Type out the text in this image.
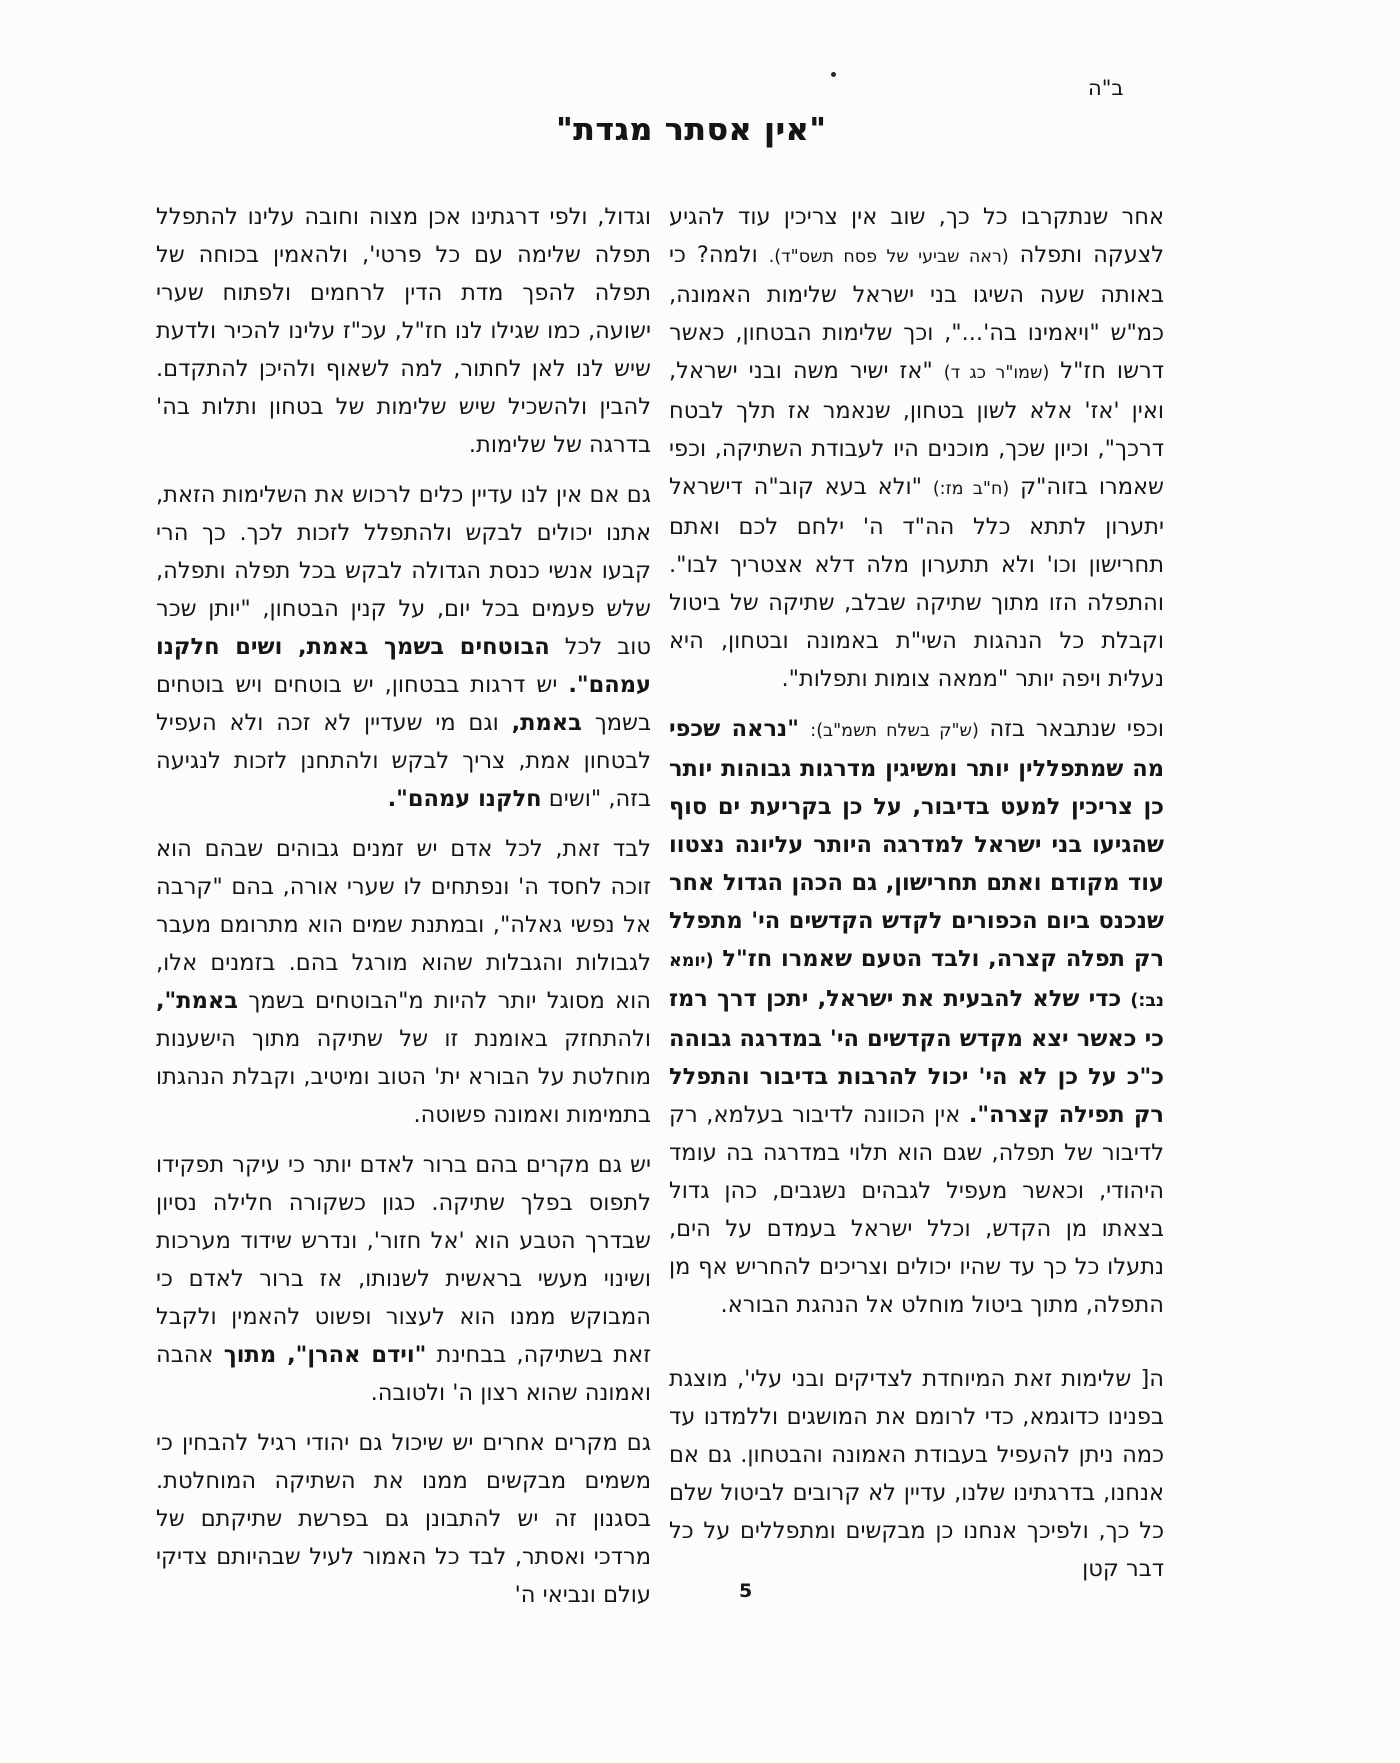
ב"ה
"אין אסתר מגדת"

אחר שנתקרבו כל כך, שוב אין צריכין עוד להגיע לצעקה ותפלה (ראה שביעי של פסח תשס"ד). ולמה? כי באותה שעה השיגו בני ישראל שלימות האמונה, כמ"ש "ויאמינו בה'...", וכך שלימות הבטחון, כאשר דרשו חז"ל (שמו"ר כג ד) "אז ישיר משה ובני ישראל, ואין 'אז' אלא לשון בטחון, שנאמר אז תלך לבטח דרכך", וכיון שכך, מוכנים היו לעבודת השתיקה, וכפי שאמרו בזוה"ק (ח"ב מז:) "ולא בעא קוב"ה דישראל יתערון לתתא כלל הה"ד ה' ילחם לכם ואתם תחרישון וכו' ולא תתערון מלה דלא אצטריך לבו". והתפלה הזו מתוך שתיקה שבלב, שתיקה של ביטול וקבלת כל הנהגות השי"ת באמונה ובטחון, היא נעלית ויפה יותר "ממאה צומות ותפלות".

וכפי שנתבאר בזה (ש"ק בשלח תשמ"ב): "נראה שכפי מה שמתפללין יותר ומשיגין מדרגות גבוהות יותר כן צריכין למעט בדיבור, על כן בקריעת ים סוף שהגיעו בני ישראל למדרגה היותר עליונה נצטוו עוד מקודם ואתם תחרישון, גם הכהן הגדול אחר שנכנס ביום הכפורים לקדש הקדשים הי' מתפלל רק תפלה קצרה, ולבד הטעם שאמרו חז"ל (יומא נב:) כדי שלא להבעית את ישראל, יתכן דרך רמז כי כאשר יצא מקדש הקדשים הי' במדרגה גבוהה כ"כ על כן לא הי' יכול להרבות בדיבור והתפלל רק תפילה קצרה". אין הכוונה לדיבור בעלמא, רק לדיבור של תפלה, שגם הוא תלוי במדרגה בה עומד היהודי, וכאשר מעפיל לגבהים נשגבים, כהן גדול בצאתו מן הקדש, וכלל ישראל בעמדם על הים, נתעלו כל כך עד שהיו יכולים וצריכים להחריש אף מן התפלה, מתוך ביטול מוחלט אל הנהגת הבורא.

ה[ שלימות זאת המיוחדת לצדיקים ובני עלי', מוצגת בפנינו כדוגמא, כדי לרומם את המושגים וללמדנו עד כמה ניתן להעפיל בעבודת האמונה והבטחון. גם אם אנחנו, בדרגתינו שלנו, עדיין לא קרובים לביטול שלם כל כך, ולפיכך אנחנו כן מבקשים ומתפללים על כל דבר קטן

וגדול, ולפי דרגתינו אכן מצוה וחובה עלינו להתפלל תפלה שלימה עם כל פרטי', ולהאמין בכוחה של תפלה להפך מדת הדין לרחמים ולפתוח שערי ישועה, כמו שגילו לנו חז"ל, עכ"ז עלינו להכיר ולדעת שיש לנו לאן לחתור, למה לשאוף ולהיכן להתקדם. להבין ולהשכיל שיש שלימות של בטחון ותלות בה' בדרגה של שלימות.

גם אם אין לנו עדיין כלים לרכוש את השלימות הזאת, אתנו יכולים לבקש ולהתפלל לזכות לכך. כך הרי קבעו אנשי כנסת הגדולה לבקש בכל תפלה ותפלה, שלש פעמים בכל יום, על קנין הבטחון, "יותן שכר טוב לכל הבוטחים בשמך באמת, ושים חלקנו עמהם". יש דרגות בבטחון, יש בוטחים ויש בוטחים בשמך באמת, וגם מי שעדיין לא זכה ולא העפיל לבטחון אמת, צריך לבקש ולהתחנן לזכות לנגיעה בזה, "ושים חלקנו עמהם".

לבד זאת, לכל אדם יש זמנים גבוהים שבהם הוא זוכה לחסד ה' ונפתחים לו שערי אורה, בהם "קרבה אל נפשי גאלה", ובמתנת שמים הוא מתרומם מעבר לגבולות והגבלות שהוא מורגל בהם. בזמנים אלו, הוא מסוגל יותר להיות מ"הבוטחים בשמך באמת", ולהתחזק באומנת זו של שתיקה מתוך הישענות מוחלטת על הבורא ית' הטוב ומיטיב, וקבלת הנהגתו בתמימות ואמונה פשוטה.

יש גם מקרים בהם ברור לאדם יותר כי עיקר תפקידו לתפוס בפלך שתיקה. כגון כשקורה חלילה נסיון שבדרך הטבע הוא 'אל חזור', ונדרש שידוד מערכות ושינוי מעשי בראשית לשנותו, אז ברור לאדם כי המבוקש ממנו הוא לעצור ופשוט להאמין ולקבל זאת בשתיקה, בבחינת "וידם אהרן", מתוך אהבה ואמונה שהוא רצון ה' ולטובה.

גם מקרים אחרים יש שיכול גם יהודי רגיל להבחין כי משמים מבקשים ממנו את השתיקה המוחלטת. בסגנון זה יש להתבונן גם בפרשת שתיקתם של מרדכי ואסתר, לבד כל האמור לעיל שבהיותם צדיקי עולם ונביאי ה'	5
